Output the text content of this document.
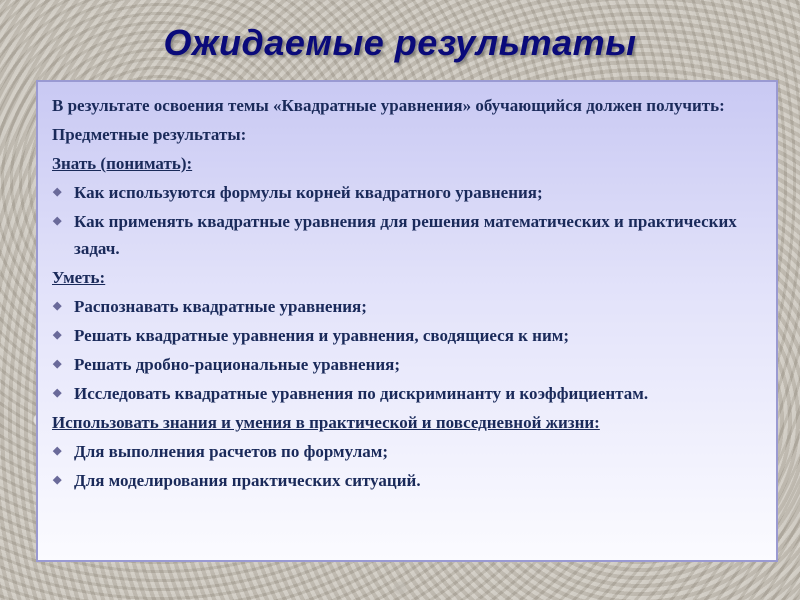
Ожидаемые результаты

В результате освоения темы «Квадратные уравнения» обучающийся должен получить:

Предметные результаты:

Знать (понимать):

◆ Как используются формулы корней квадратного уравнения;
◆ Как применять квадратные уравнения для решения математических и практических задач.

Уметь:

◆ Распознавать квадратные уравнения;
◆ Решать квадратные уравнения и уравнения, сводящиеся к ним;
◆ Решать дробно-рациональные уравнения;
◆ Исследовать квадратные уравнения по дискриминанту и коэффициентам.

Использовать знания и умения в практической и повседневной жизни:

◆ Для выполнения расчетов по формулам;
◆ Для моделирования практических ситуаций.
